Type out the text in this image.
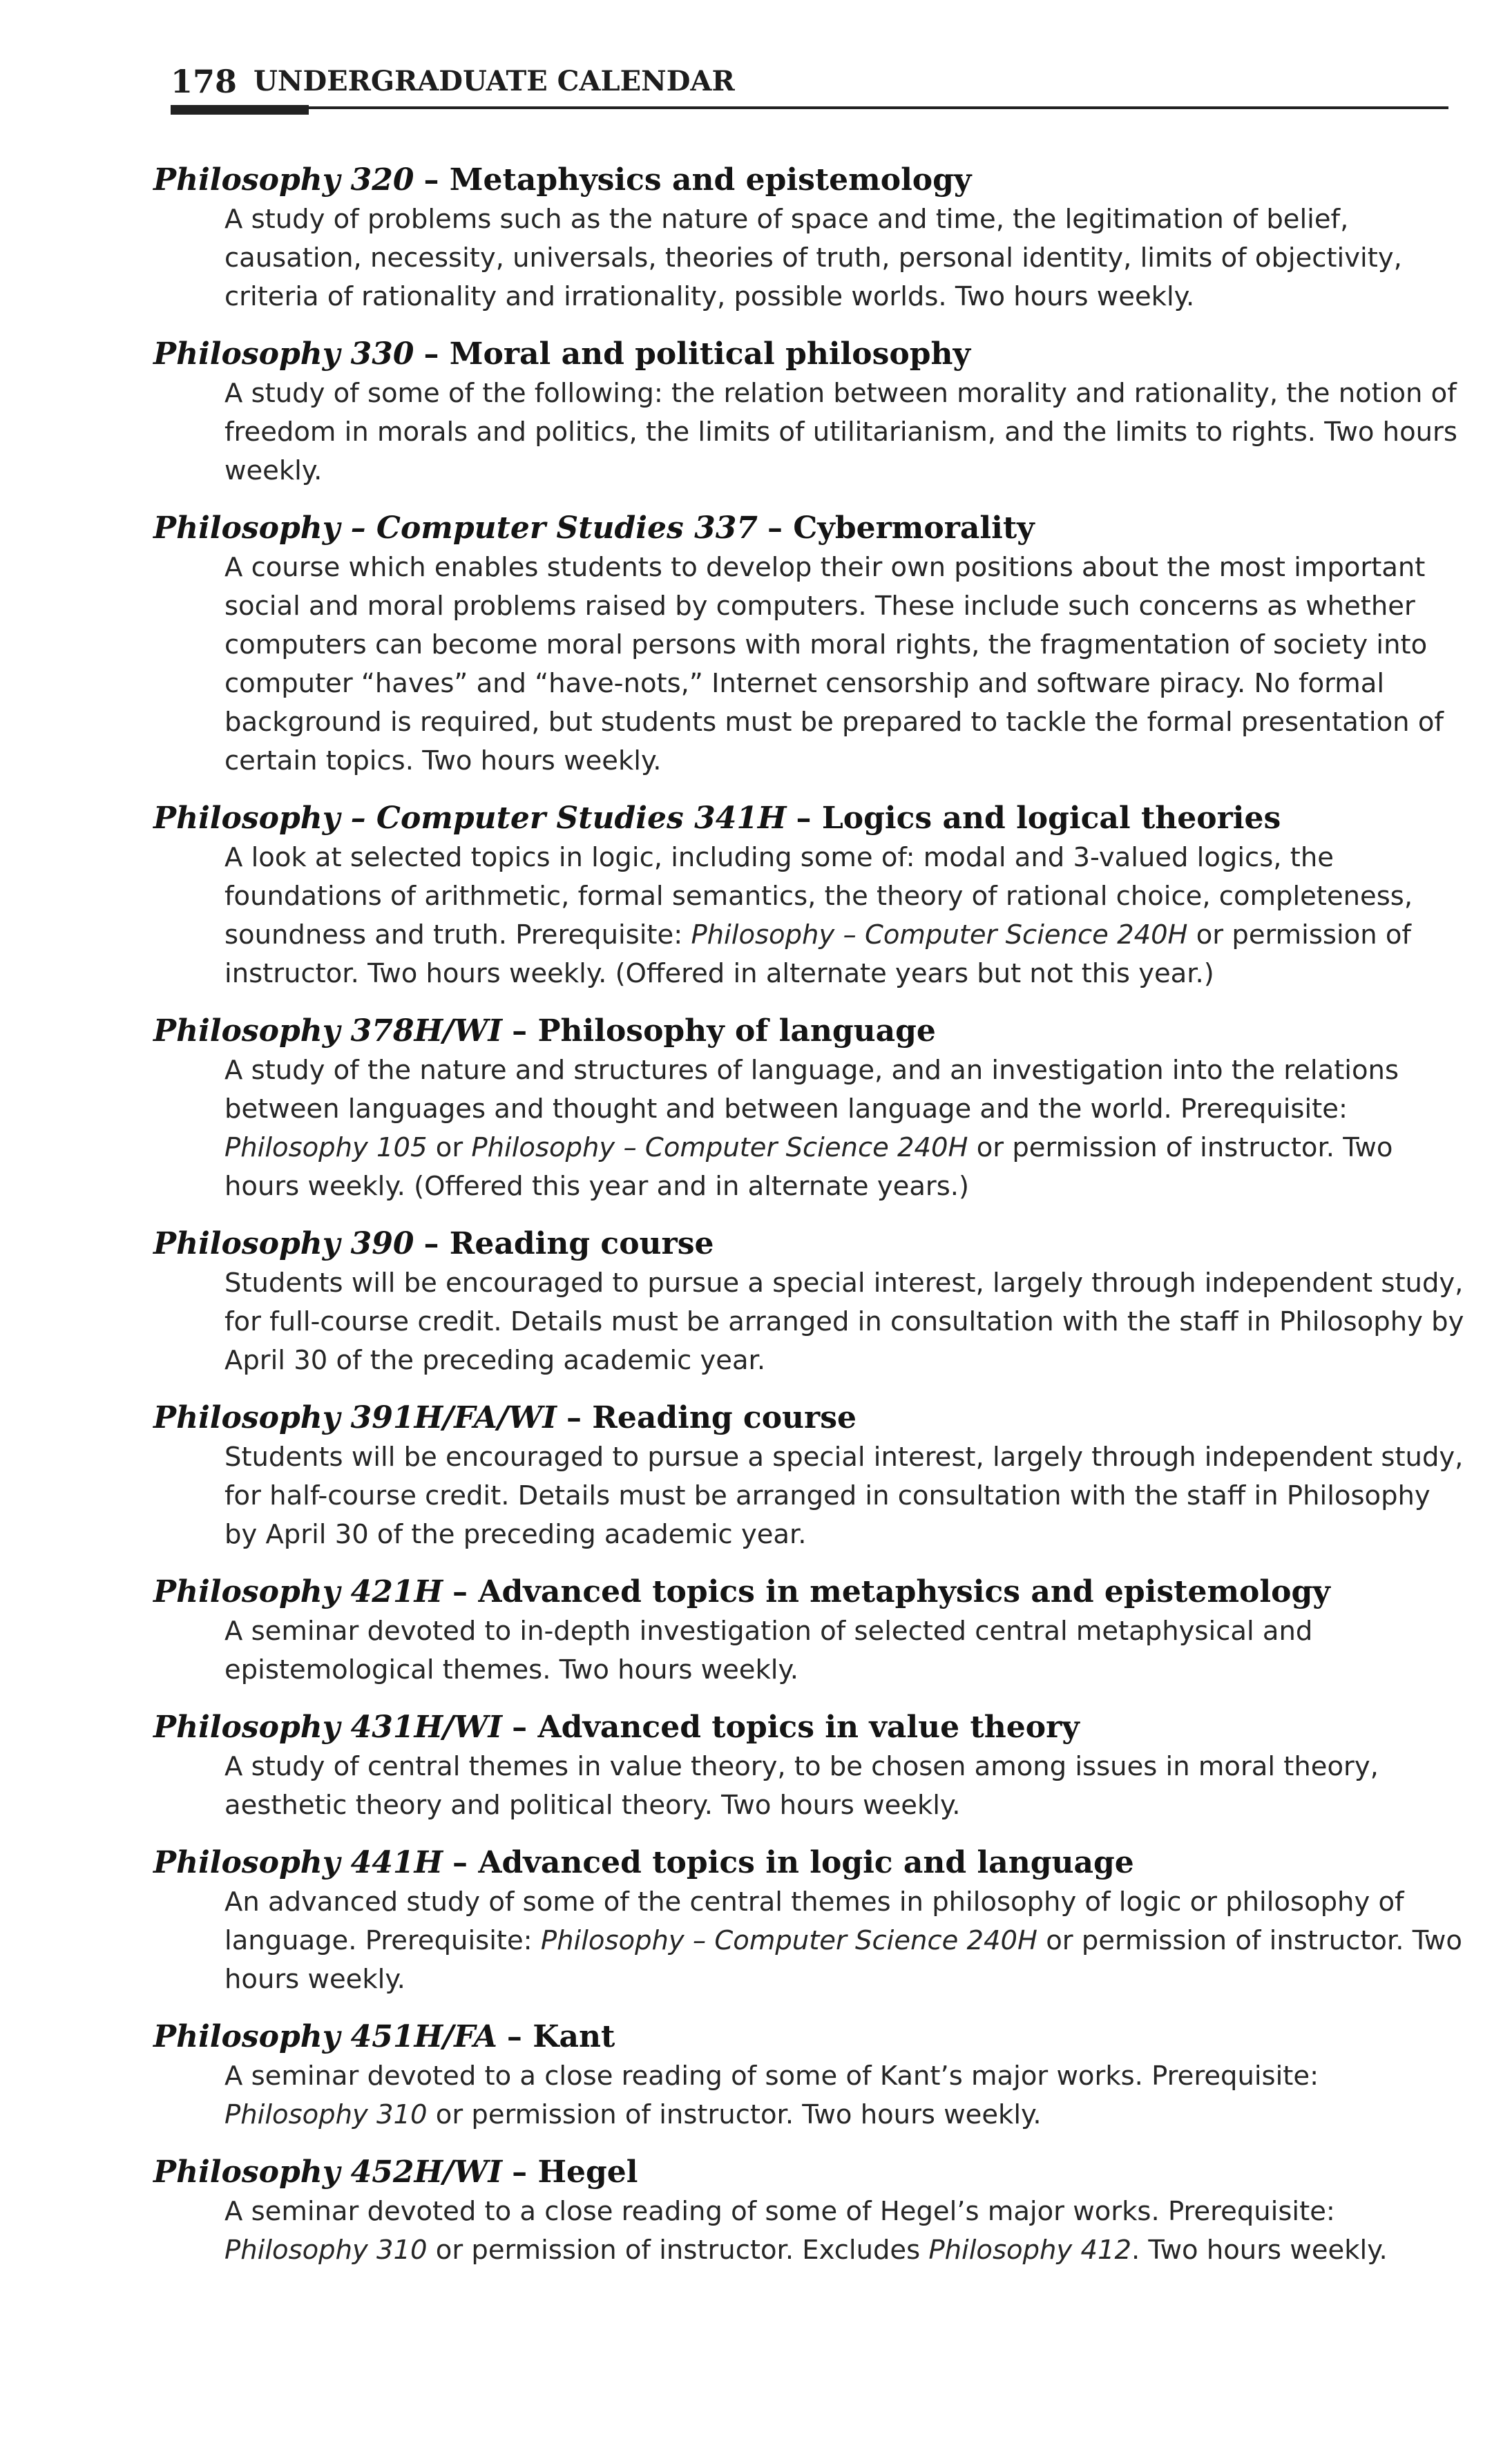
178 UNDERGRADUATE CALENDAR
Philosophy 320 – Metaphysics and epistemology
A study of problems such as the nature of space and time, the legitimation of belief, causation, necessity, universals, theories of truth, personal identity, limits of objectivity, criteria of rationality and irrationality, possible worlds. Two hours weekly.
Philosophy 330 – Moral and political philosophy
A study of some of the following: the relation between morality and rationality, the notion of freedom in morals and politics, the limits of utilitarianism, and the limits to rights. Two hours weekly.
Philosophy – Computer Studies 337 – Cybermorality
A course which enables students to develop their own positions about the most important social and moral problems raised by computers. These include such concerns as whether computers can become moral persons with moral rights, the fragmentation of society into computer “haves” and “have-nots,” Internet censorship and software piracy. No formal background is required, but students must be prepared to tackle the formal presentation of certain topics. Two hours weekly.
Philosophy – Computer Studies 341H – Logics and logical theories
A look at selected topics in logic, including some of: modal and 3-valued logics, the foundations of arithmetic, formal semantics, the theory of rational choice, completeness, soundness and truth. Prerequisite: Philosophy – Computer Science 240H or permission of instructor. Two hours weekly. (Offered in alternate years but not this year.)
Philosophy 378H/WI – Philosophy of language
A study of the nature and structures of language, and an investigation into the relations between languages and thought and between language and the world. Prerequisite: Philosophy 105 or Philosophy – Computer Science 240H or permission of instructor. Two hours weekly. (Offered this year and in alternate years.)
Philosophy 390 – Reading course
Students will be encouraged to pursue a special interest, largely through independent study, for full-course credit. Details must be arranged in consultation with the staff in Philosophy by April 30 of the preceding academic year.
Philosophy 391H/FA/WI – Reading course
Students will be encouraged to pursue a special interest, largely through independent study, for half-course credit. Details must be arranged in consultation with the staff in Philosophy by April 30 of the preceding academic year.
Philosophy 421H – Advanced topics in metaphysics and epistemology
A seminar devoted to in-depth investigation of selected central metaphysical and epistemological themes. Two hours weekly.
Philosophy 431H/WI – Advanced topics in value theory
A study of central themes in value theory, to be chosen among issues in moral theory, aesthetic theory and political theory. Two hours weekly.
Philosophy 441H – Advanced topics in logic and language
An advanced study of some of the central themes in philosophy of logic or philosophy of language. Prerequisite: Philosophy – Computer Science 240H or permission of instructor. Two hours weekly.
Philosophy 451H/FA – Kant
A seminar devoted to a close reading of some of Kant’s major works. Prerequisite: Philosophy 310 or permission of instructor. Two hours weekly.
Philosophy 452H/WI – Hegel
A seminar devoted to a close reading of some of Hegel’s major works. Prerequisite: Philosophy 310 or permission of instructor. Excludes Philosophy 412. Two hours weekly.
